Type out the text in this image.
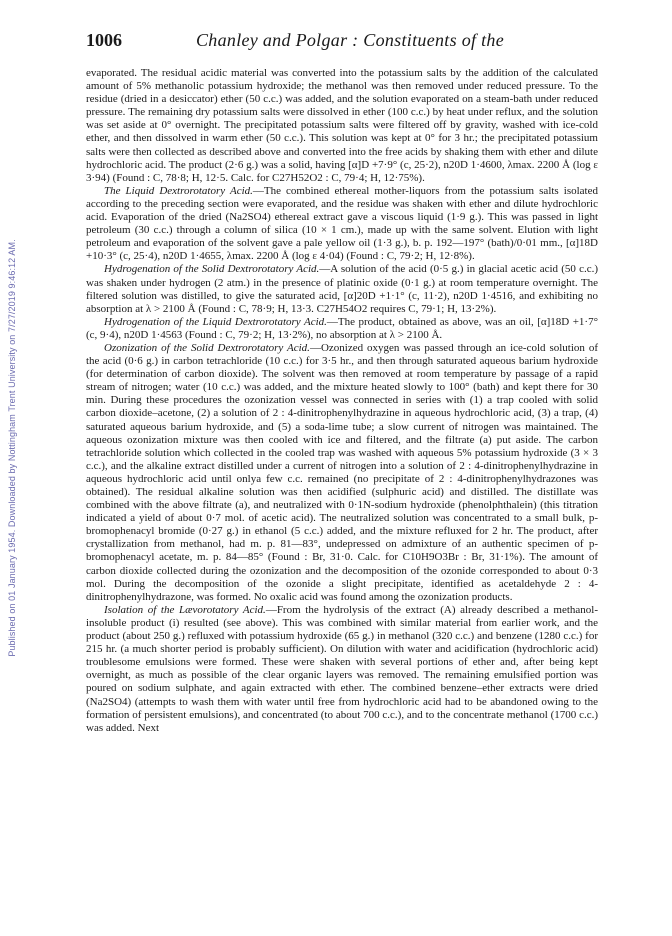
Published on 01 January 1954. Downloaded by Nottingham Trent University on 7/27/2019 9:46:12 AM.
1006	Chanley and Polgar : Constituents of the

evaporated. The residual acidic material was converted into the potassium salts by the addition of the calculated amount of 5% methanolic potassium hydroxide; the methanol was then removed under reduced pressure. To the residue (dried in a desiccator) ether (50 c.c.) was added, and the solution evaporated on a steam-bath under reduced pressure. The remaining dry potassium salts were dissolved in ether (100 c.c.) by heat under reflux, and the solution was set aside at 0° overnight. The precipitated potassium salts were filtered off by gravity, washed with ice-cold ether, and then dissolved in warm ether (50 c.c.). This solution was kept at 0° for 3 hr.; the precipitated potassium salts were then collected as described above and converted into the free acids by shaking them with ether and dilute hydrochloric acid. The product (2·6 g.) was a solid, having [α]D +7·9° (c, 25·2), n20D 1·4600, λmax. 2200 Å (log ε 3·94) (Found : C, 78·8; H, 12·5. Calc. for C27H52O2 : C, 79·4; H, 12·75%).

The Liquid Dextrorotatory Acid.—The combined ethereal mother-liquors from the potassium salts isolated according to the preceding section were evaporated, and the residue was shaken with ether and dilute hydrochloric acid. Evaporation of the dried (Na2SO4) ethereal extract gave a viscous liquid (1·9 g.). This was passed in light petroleum (30 c.c.) through a column of silica (10 × 1 cm.), made up with the same solvent. Elution with light petroleum and evaporation of the solvent gave a pale yellow oil (1·3 g.), b. p. 192—197° (bath)/0·01 mm., [α]18D +10·3° (c, 25·4), n20D 1·4655, λmax. 2200 Å (log ε 4·04) (Found : C, 79·2; H, 12·8%).

Hydrogenation of the Solid Dextrorotatory Acid.—A solution of the acid (0·5 g.) in glacial acetic acid (50 c.c.) was shaken under hydrogen (2 atm.) in the presence of platinic oxide (0·1 g.) at room temperature overnight. The filtered solution was distilled, to give the saturated acid, [α]20D +1·1° (c, 11·2), n20D 1·4516, and exhibiting no absorption at λ > 2100 Å (Found : C, 78·9; H, 13·3. C27H54O2 requires C, 79·1; H, 13·2%).

Hydrogenation of the Liquid Dextrorotatory Acid.—The product, obtained as above, was an oil, [α]18D +1·7° (c, 9·4), n20D 1·4563 (Found : C, 79·2; H, 13·2%), no absorption at λ > 2100 Å.

Ozonization of the Solid Dextrorotatory Acid.—Ozonized oxygen was passed through an ice-cold solution of the acid (0·6 g.) in carbon tetrachloride (10 c.c.) for 3·5 hr., and then through saturated aqueous barium hydroxide (for determination of carbon dioxide). The solvent was then removed at room temperature by passage of a rapid stream of nitrogen; water (10 c.c.) was added, and the mixture heated slowly to 100° (bath) and kept there for 30 min. During these procedures the ozonization vessel was connected in series with (1) a trap cooled with solid carbon dioxide–acetone, (2) a solution of 2 : 4-dinitrophenylhydrazine in aqueous hydrochloric acid, (3) a trap, (4) saturated aqueous barium hydroxide, and (5) a soda-lime tube; a slow current of nitrogen was maintained. The aqueous ozonization mixture was then cooled with ice and filtered, and the filtrate (a) put aside. The carbon tetrachloride solution which collected in the cooled trap was washed with aqueous 5% potassium hydroxide (3 × 3 c.c.), and the alkaline extract distilled under a current of nitrogen into a solution of 2 : 4-dinitrophenylhydrazine in aqueous hydrochloric acid until onlya few c.c. remained (no precipitate of 2 : 4-dinitrophenylhydrazones was obtained). The residual alkaline solution was then acidified (sulphuric acid) and distilled. The distillate was combined with the above filtrate (a), and neutralized with 0·1N-sodium hydroxide (phenolphthalein) (this titration indicated a yield of about 0·7 mol. of acetic acid). The neutralized solution was concentrated to a small bulk, p-bromophenacyl bromide (0·27 g.) in ethanol (5 c.c.) added, and the mixture refluxed for 2 hr. The product, after crystallization from methanol, had m. p. 81—83°, undepressed on admixture of an authentic specimen of p-bromophenacyl acetate, m. p. 84—85° (Found : Br, 31·0. Calc. for C10H9O3Br : Br, 31·1%). The amount of carbon dioxide collected during the ozonization and the decomposition of the ozonide corresponded to about 0·3 mol. During the decomposition of the ozonide a slight precipitate, identified as acetaldehyde 2 : 4-dinitrophenylhydrazone, was formed. No oxalic acid was found among the ozonization products.

Isolation of the Lævorotatory Acid.—From the hydrolysis of the extract (A) already described a methanol-insoluble product (i) resulted (see above). This was combined with similar material from earlier work, and the product (about 250 g.) refluxed with potassium hydroxide (65 g.) in methanol (320 c.c.) and benzene (1280 c.c.) for 215 hr. (a much shorter period is probably sufficient). On dilution with water and acidification (hydrochloric acid) troublesome emulsions were formed. These were shaken with several portions of ether and, after being kept overnight, as much as possible of the clear organic layers was removed. The remaining emulsified portion was poured on sodium sulphate, and again extracted with ether. The combined benzene–ether extracts were dried (Na2SO4) (attempts to wash them with water until free from hydrochloric acid had to be abandoned owing to the formation of persistent emulsions), and concentrated (to about 700 c.c.), and to the concentrate methanol (1700 c.c.) was added. Next
